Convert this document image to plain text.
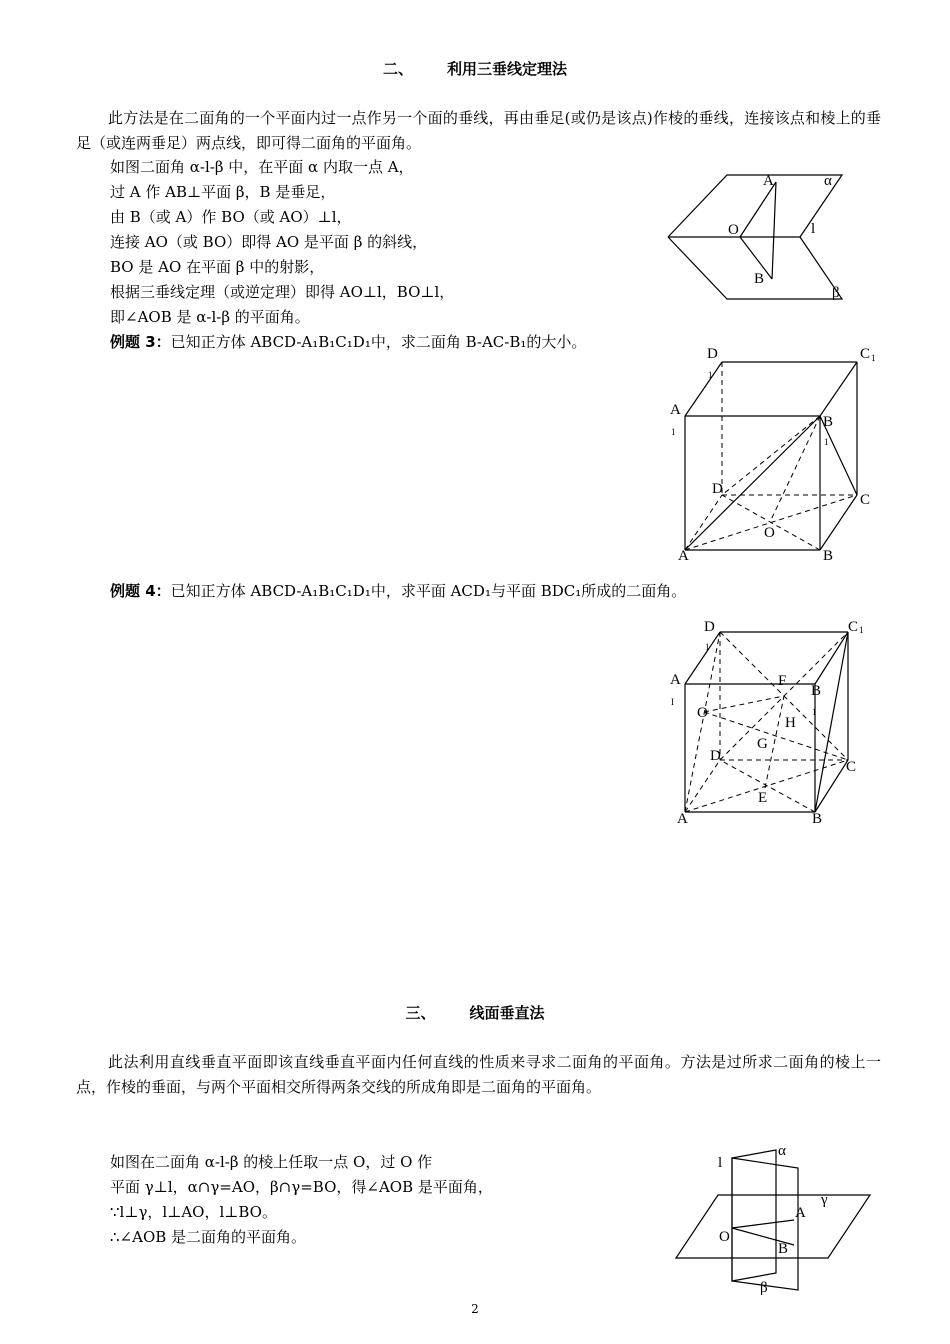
二、 利用三垂线定理法
此方法是在二面角的一个平面内过一点作另一个面的垂线，再由垂足(或仍是该点)作棱的垂线，连接该点和棱上的垂足（或连两垂足）两点线，即可得二面角的平面角。
如图二面角 α-l-β 中，在平面 α 内取一点 A，
过 A 作 AB⊥平面 β，B 是垂足，
由 B（或 A）作 BO（或 AO）⊥l，
连接 AO（或 BO）即得 AO 是平面 β 的斜线，
BO 是 AO 在平面 β 中的射影，
根据三垂线定理（或逆定理）即得 AO⊥l，BO⊥l，
即∠AOB 是 α-l-β 的平面角。
A	α
O	l
B
β
例题 3：已知正方体 ABCD-A₁B₁C₁D₁中，求二面角 B-AC-B₁的大小。
D
1
C 1
A
1
B
1
D
C
O
A	B
例题 4：已知正方体 ABCD-A₁B₁C₁D₁中，求平面 ACD₁与平面 BDC₁所成的二面角。
D
1
C 1
A
I
F
B
1
O
H
G
D
C
E
A	B
三、 线面垂直法
此法利用直线垂直平面即该直线垂直平面内任何直线的性质来寻求二面角的平面角。方法是过所求二面角的棱上一点，作棱的垂面，与两个平面相交所得两条交线的所成角即是二面角的平面角。
如图在二面角 α-l-β 的棱上任取一点 O，过 O 作
平面 γ⊥l，α∩γ=AO，β∩γ=BO，得∠AOB 是平面角，
∵l⊥γ，l⊥AO，l⊥BO。
∴∠AOB 是二面角的平面角。
l
α
γ
A
O
B
β
2
